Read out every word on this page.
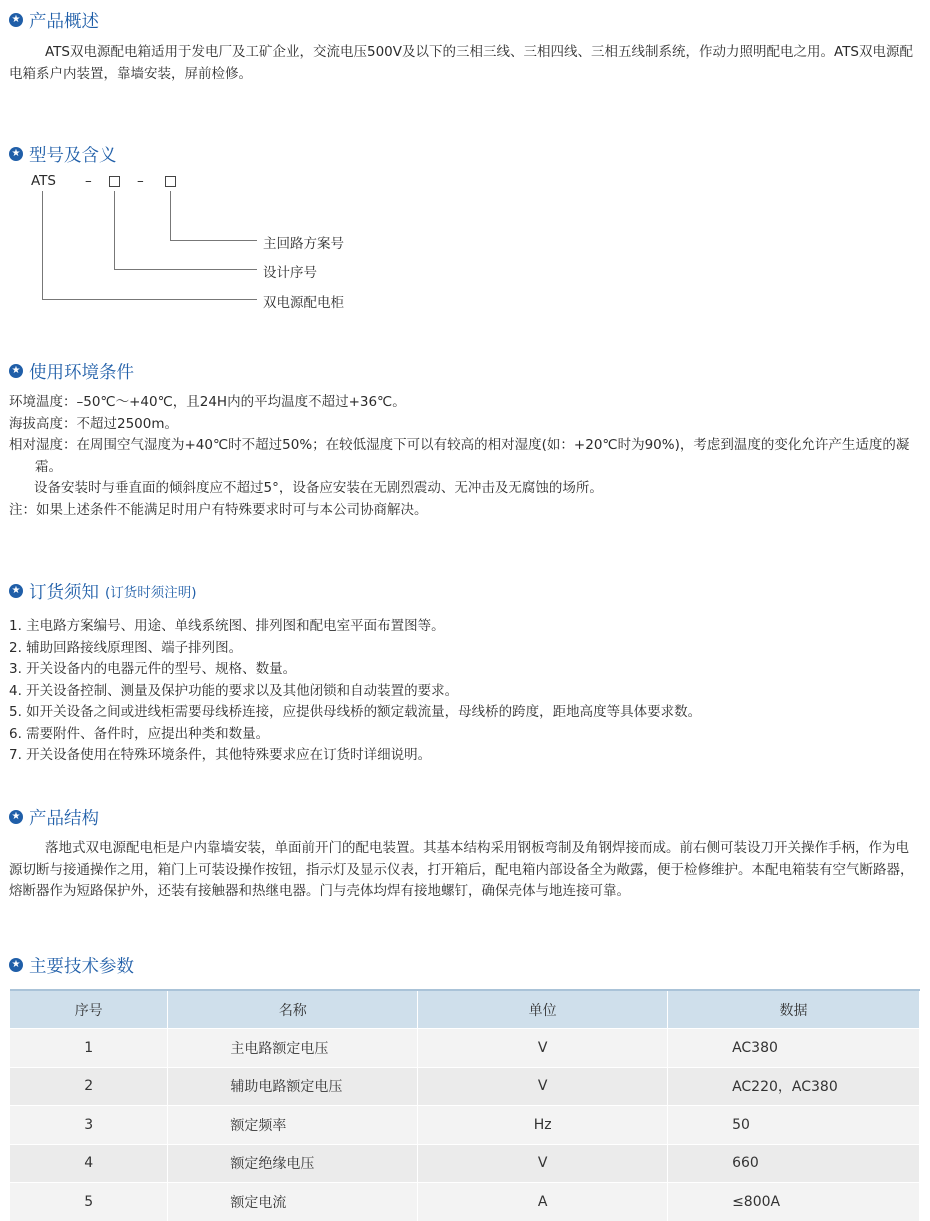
★ 产品概述
ATS双电源配电箱适用于发电厂及工矿企业，交流电压500V及以下的三相三线、三相四线、三相五线制系统，作动力照明配电之用。ATS双电源配电箱系户内装置，靠墙安装，屏前检修。
★ 型号及含义
ATS –	–
主回路方案号
设计序号
双电源配电柜
★ 使用环境条件
环境温度：–50℃～+40℃，且24H内的平均温度不超过+36℃。
海拔高度：不超过2500m。
相对湿度：在周围空气湿度为+40℃时不超过50%；在较低湿度下可以有较高的相对湿度(如：+20℃时为90%)，考虑到温度的变化允许产生适度的凝霜。
设备安装时与垂直面的倾斜度应不超过5°，设备应安装在无剧烈震动、无冲击及无腐蚀的场所。
注：如果上述条件不能满足时用户有特殊要求时可与本公司协商解决。
★ 订货须知 (订货时须注明)
1. 主电路方案编号、用途、单线系统图、排列图和配电室平面布置图等。
2. 辅助回路接线原理图、端子排列图。
3. 开关设备内的电器元件的型号、规格、数量。
4. 开关设备控制、测量及保护功能的要求以及其他闭锁和自动装置的要求。
5. 如开关设备之间或进线柜需要母线桥连接，应提供母线桥的额定载流量，母线桥的跨度，距地高度等具体要求数。
6. 需要附件、备件时，应提出种类和数量。
7. 开关设备使用在特殊环境条件，其他特殊要求应在订货时详细说明。
★ 产品结构
落地式双电源配电柜是户内靠墙安装，单面前开门的配电装置。其基本结构采用钢板弯制及角钢焊接而成。前右侧可装设刀开关操作手柄，作为电源切断与接通操作之用，箱门上可装设操作按钮，指示灯及显示仪表，打开箱后，配电箱内部设备全为敞露，便于检修维护。本配电箱装有空气断路器，熔断器作为短路保护外，还装有接触器和热继电器。门与壳体均焊有接地螺钉，确保壳体与地连接可靠。
★ 主要技术参数
序号	名称	单位	数据
1	主电路额定电压	V	AC380
2	辅助电路额定电压	V	AC220，AC380
3	额定频率	Hz	50
4	额定绝缘电压	V	660
5	额定电流	A	≤800A
